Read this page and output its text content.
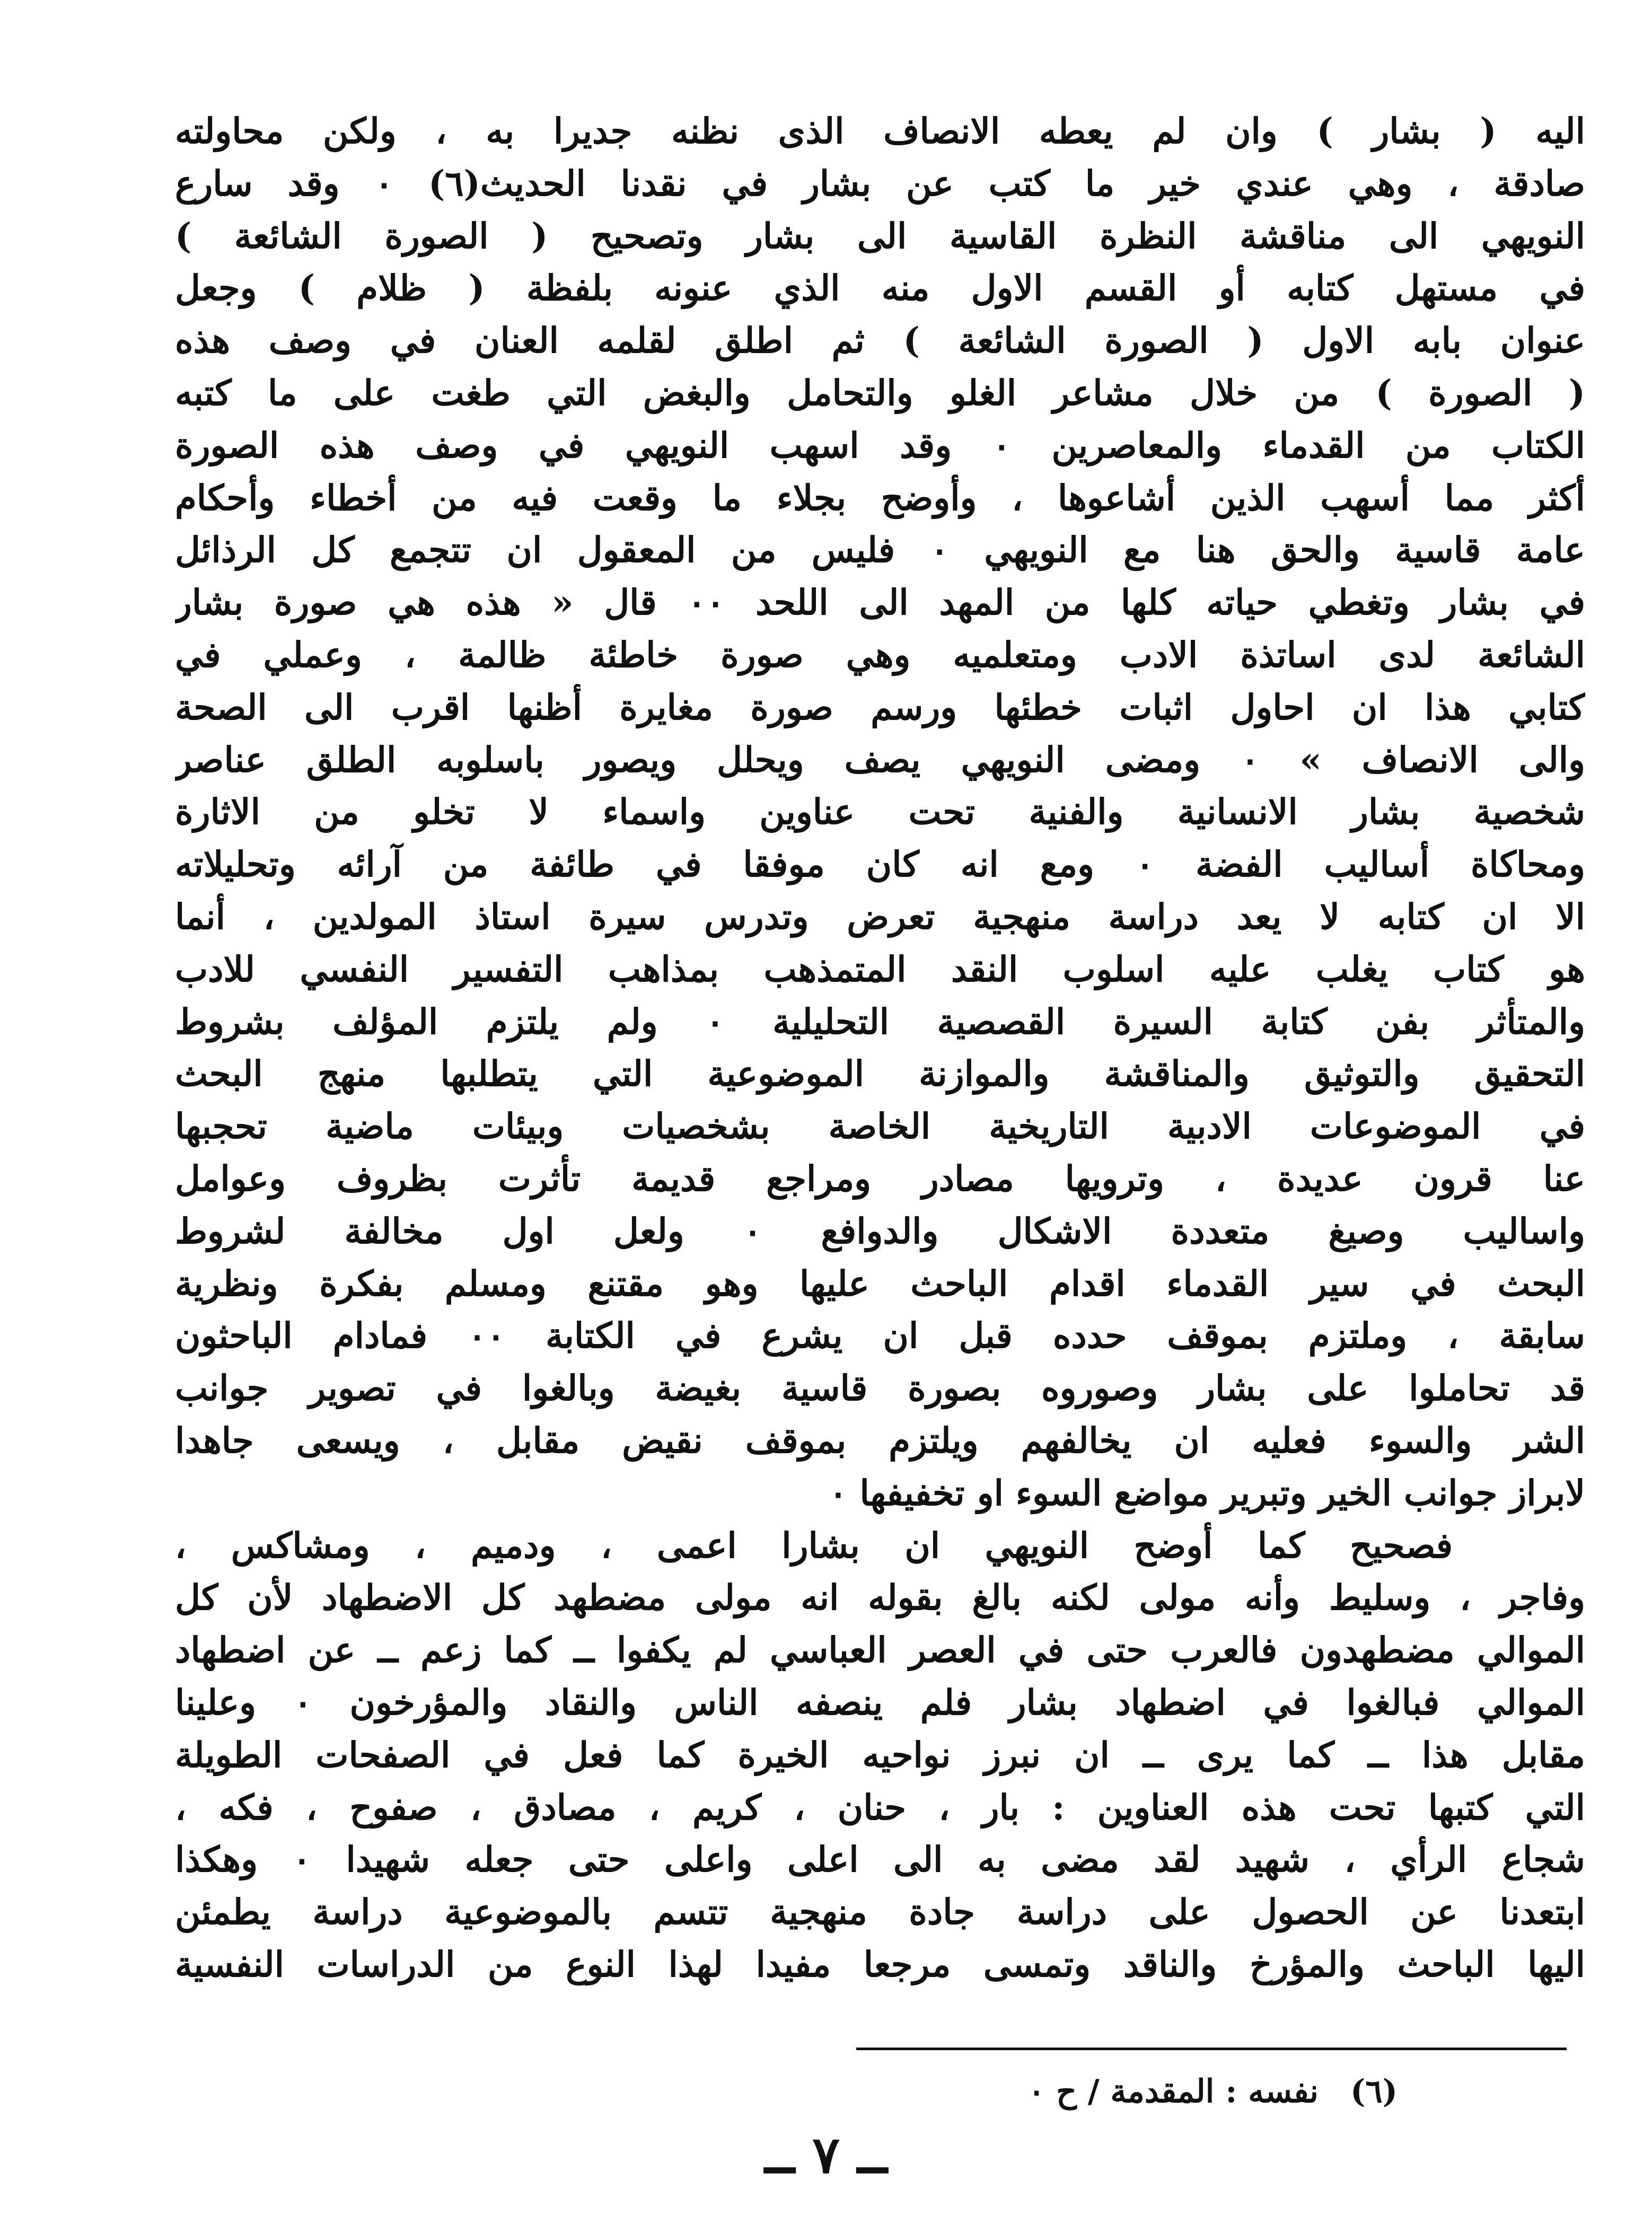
اليه ( بشار ) وان لم يعطه الانصاف الذى نظنه جديرا به ، ولكن محاولته
صادقة ، وهي عندي خير ما كتب عن بشار في نقدنا الحديث(٦) ٠ وقد سارع
النويهي الى مناقشة النظرة القاسية الى بشار وتصحيح ( الصورة الشائعة )
في مستهل كتابه أو القسم الاول منه الذي عنونه بلفظة ( ظلام ) وجعل
عنوان بابه الاول ( الصورة الشائعة ) ثم اطلق لقلمه العنان في وصف هذه
( الصورة ) من خلال مشاعر الغلو والتحامل والبغض التي طغت على ما كتبه
الكتاب من القدماء والمعاصرين ٠ وقد اسهب النويهي في وصف هذه الصورة
أكثر مما أسهب الذين أشاعوها ، وأوضح بجلاء ما وقعت فيه من أخطاء وأحكام
عامة قاسية والحق هنا مع النويهي ٠ فليس من المعقول ان تتجمع كل الرذائل
في بشار وتغطي حياته كلها من المهد الى اللحد ٠٠ قال « هذه هي صورة بشار
الشائعة لدى اساتذة الادب ومتعلميه وهي صورة خاطئة ظالمة ، وعملي في
كتابي هذا ان احاول اثبات خطئها ورسم صورة مغايرة أظنها اقرب الى الصحة
والى الانصاف » ٠ ومضى النويهي يصف ويحلل ويصور باسلوبه الطلق عناصر
شخصية بشار الانسانية والفنية تحت عناوين واسماء لا تخلو من الاثارة
ومحاكاة أساليب الفضة ٠ ومع انه كان موفقا في طائفة من آرائه وتحليلاته
الا ان كتابه لا يعد دراسة منهجية تعرض وتدرس سيرة استاذ المولدين ، أنما
هو كتاب يغلب عليه اسلوب النقد المتمذهب بمذاهب التفسير النفسي للادب
والمتأثر بفن كتابة السيرة القصصية التحليلية ٠ ولم يلتزم المؤلف بشروط
التحقيق والتوثيق والمناقشة والموازنة الموضوعية التي يتطلبها منهج البحث
في الموضوعات الادبية التاريخية الخاصة بشخصيات وبيئات ماضية تحجبها
عنا قرون عديدة ، وترويها مصادر ومراجع قديمة تأثرت بظروف وعوامل
واساليب وصيغ متعددة الاشكال والدوافع ٠ ولعل اول مخالفة لشروط
البحث في سير القدماء اقدام الباحث عليها وهو مقتنع ومسلم بفكرة ونظرية
سابقة ، وملتزم بموقف حدده قبل ان يشرع في الكتابة ٠٠ فمادام الباحثون
قد تحاملوا على بشار وصوروه بصورة قاسية بغيضة وبالغوا في تصوير جوانب
الشر والسوء فعليه ان يخالفهم ويلتزم بموقف نقيض مقابل ، ويسعى جاهدا
لابراز جوانب الخير وتبرير مواضع السوء او تخفيفها ٠
فصحيح كما أوضح النويهي ان بشارا اعمى ، ودميم ، ومشاكس ،
وفاجر ، وسليط وأنه مولى لكنه بالغ بقوله انه مولى مضطهد كل الاضطهاد لأن كل
الموالي مضطهدون فالعرب حتى في العصر العباسي لم يكفوا ــ كما زعم ــ عن اضطهاد
الموالي فبالغوا في اضطهاد بشار فلم ينصفه الناس والنقاد والمؤرخون ٠ وعلينا
مقابل هذا ــ كما يرى ــ ان نبرز نواحيه الخيرة كما فعل في الصفحات الطويلة
التي كتبها تحت هذه العناوين : بار ، حنان ، كريم ، مصادق ، صفوح ، فكه ،
شجاع الرأي ، شهيد لقد مضى به الى اعلى واعلى حتى جعله شهيدا ٠ وهكذا
ابتعدنا عن الحصول على دراسة جادة منهجية تتسم بالموضوعية دراسة يطمئن
اليها الباحث والمؤرخ والناقد وتمسى مرجعا مفيدا لهذا النوع من الدراسات النفسية
(٦)نفسه : المقدمة / ح ٠
ــ ٧ ــ
